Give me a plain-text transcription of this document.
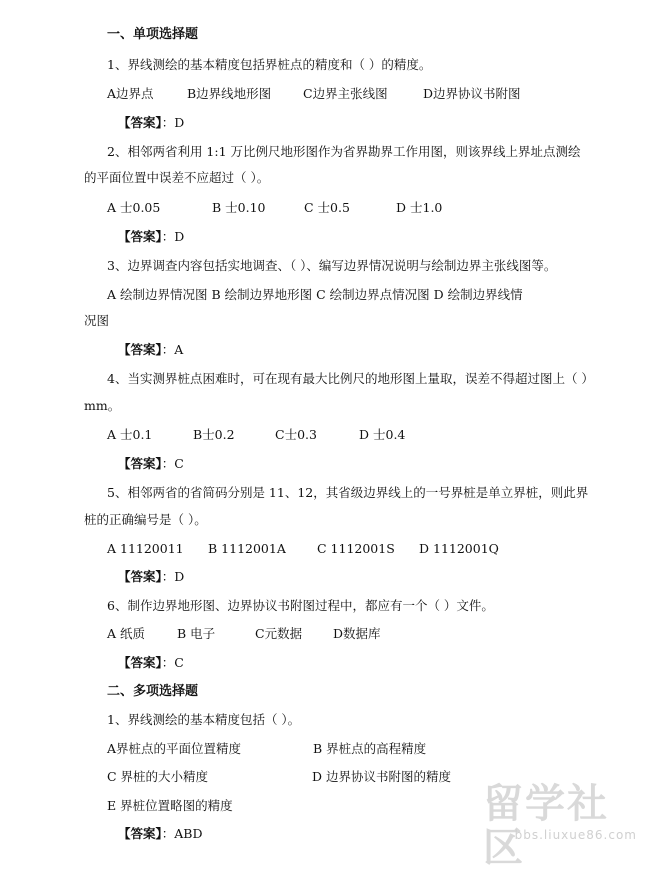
一、单项选择题
1、界线测绘的基本精度包括界桩点的精度和（ ）的精度。
A边界点	B边界线地形图	C边界主张线图	D边界协议书附图
【答案】：D
2、相邻两省利用 1:1 万比例尺地形图作为省界勘界工作用图，则该界线上界址点测绘
的平面位置中误差不应超过（ ）。
A 士0.05	B 士0.10	C 士0.5	D 士1.0
【答案】：D
3、边界调查内容包括实地调查、（ ）、编写边界情况说明与绘制边界主张线图等。
A 绘制边界情况图 B 绘制边界地形图 C 绘制边界点情况图 D 绘制边界线情
况图
【答案】：A
4、当实测界桩点困难时，可在现有最大比例尺的地形图上量取，误差不得超过图上（ ）
mm。
A 士0.1	B士0.2	C士0.3	D 士0.4
【答案】：C
5、相邻两省的省简码分别是 11、12，其省级边界线上的一号界桩是单立界桩，则此界
桩的正确编号是（ ）。
A 11120011 B 1112001A C 1112001S D 1112001Q
【答案】：D
6、制作边界地形图、边界协议书附图过程中，都应有一个（ ）文件。
A 纸质	B 电子	C元数据 D数据库
【答案】：C
二、多项选择题
1、界线测绘的基本精度包括（ ）。
A界桩点的平面位置精度	B 界桩点的高程精度
C 界桩的大小精度	D 边界协议书附图的精度
E 界桩位置略图的精度
【答案】：ABD
留学社区
bbs.liuxue86.com
